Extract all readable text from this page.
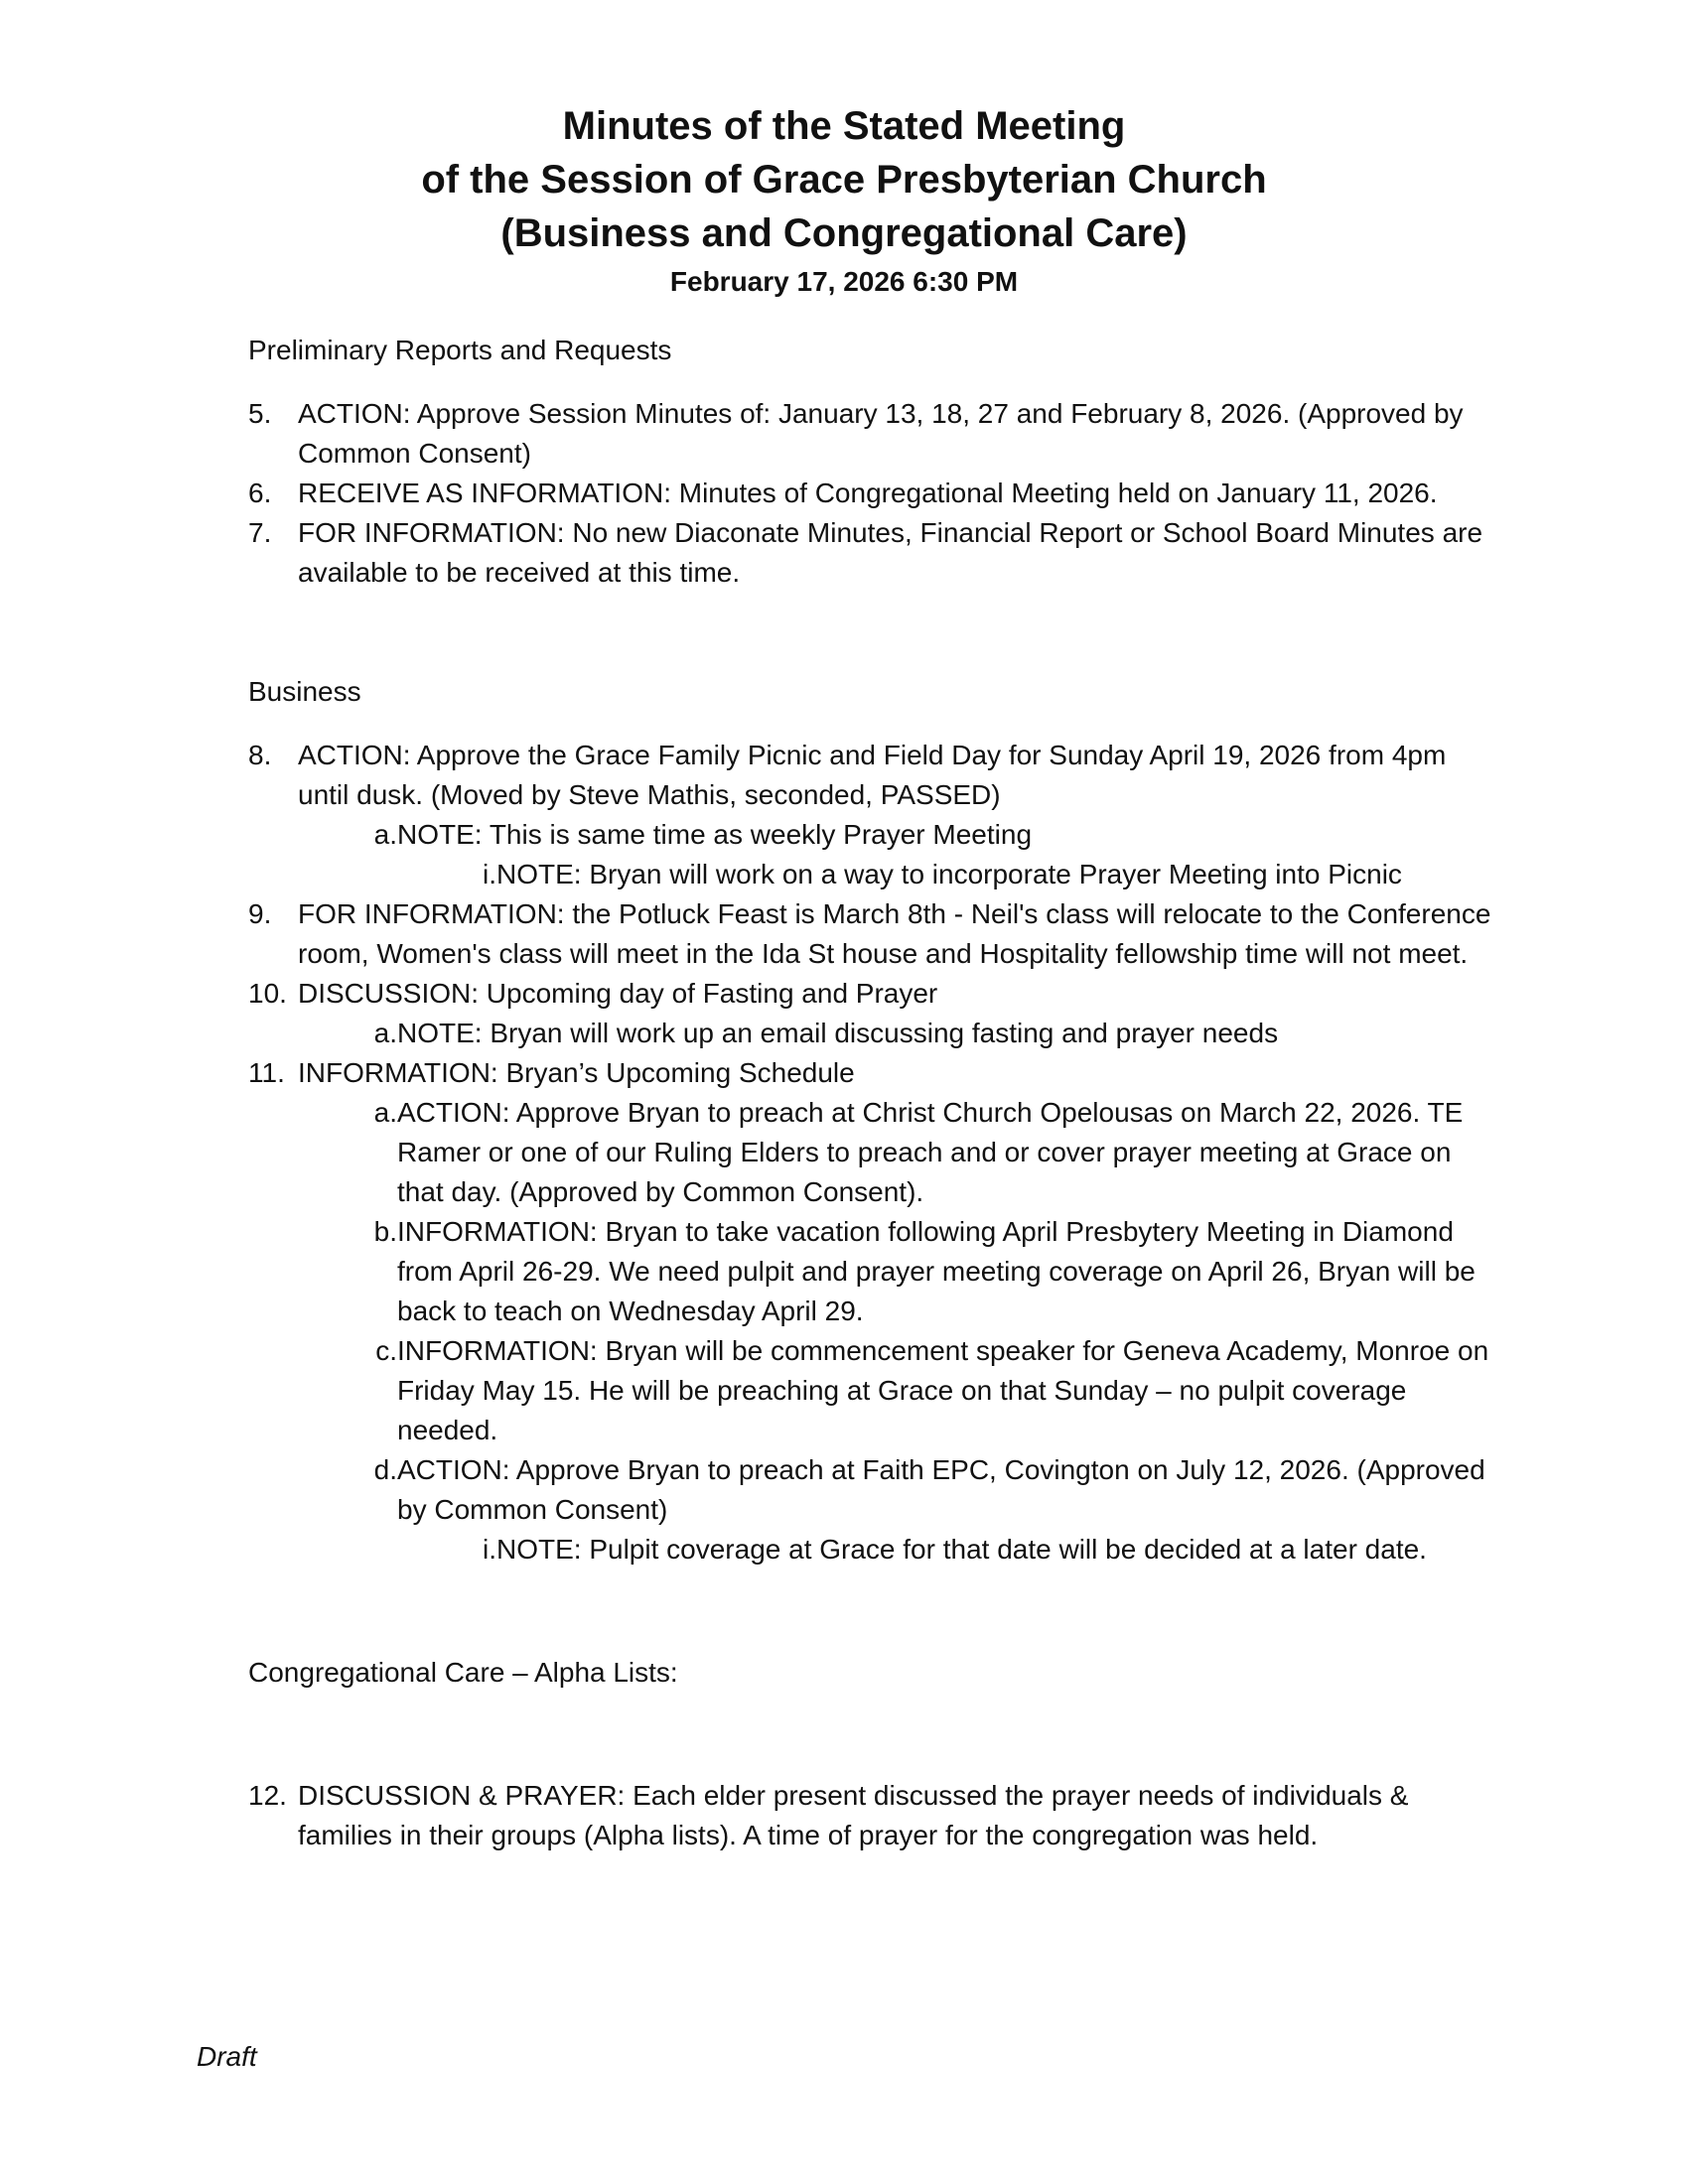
Minutes of the Stated Meeting
of the Session of Grace Presbyterian Church
(Business and Congregational Care)
February 17, 2026 6:30 PM
Preliminary Reports and Requests
5. ACTION: Approve Session Minutes of: January 13, 18, 27 and February 8, 2026. (Approved by Common Consent)
6. RECEIVE AS INFORMATION: Minutes of Congregational Meeting held on January 11, 2026.
7. FOR INFORMATION: No new Diaconate Minutes, Financial Report or School Board Minutes are available to be received at this time.
Business
8. ACTION: Approve the Grace Family Picnic and Field Day for Sunday April 19, 2026 from 4pm until dusk. (Moved by Steve Mathis, seconded, PASSED)
a. NOTE: This is same time as weekly Prayer Meeting
i. NOTE: Bryan will work on a way to incorporate Prayer Meeting into Picnic
9. FOR INFORMATION: the Potluck Feast is March 8th - Neil's class will relocate to the Conference room, Women's class will meet in the Ida St house and Hospitality fellowship time will not meet.
10. DISCUSSION: Upcoming day of Fasting and Prayer
a. NOTE: Bryan will work up an email discussing fasting and prayer needs
11. INFORMATION: Bryan’s Upcoming Schedule
a. ACTION: Approve Bryan to preach at Christ Church Opelousas on March 22, 2026. TE Ramer or one of our Ruling Elders to preach and or cover prayer meeting at Grace on that day. (Approved by Common Consent).
b. INFORMATION: Bryan to take vacation following April Presbytery Meeting in Diamond from April 26-29. We need pulpit and prayer meeting coverage on April 26, Bryan will be back to teach on Wednesday April 29.
c. INFORMATION: Bryan will be commencement speaker for Geneva Academy, Monroe on Friday May 15. He will be preaching at Grace on that Sunday – no pulpit coverage needed.
d. ACTION: Approve Bryan to preach at Faith EPC, Covington on July 12, 2026. (Approved by Common Consent)
i. NOTE: Pulpit coverage at Grace for that date will be decided at a later date.
Congregational Care – Alpha Lists:
12. DISCUSSION & PRAYER: Each elder present discussed the prayer needs of individuals & families in their groups (Alpha lists). A time of prayer for the congregation was held.
Draft
